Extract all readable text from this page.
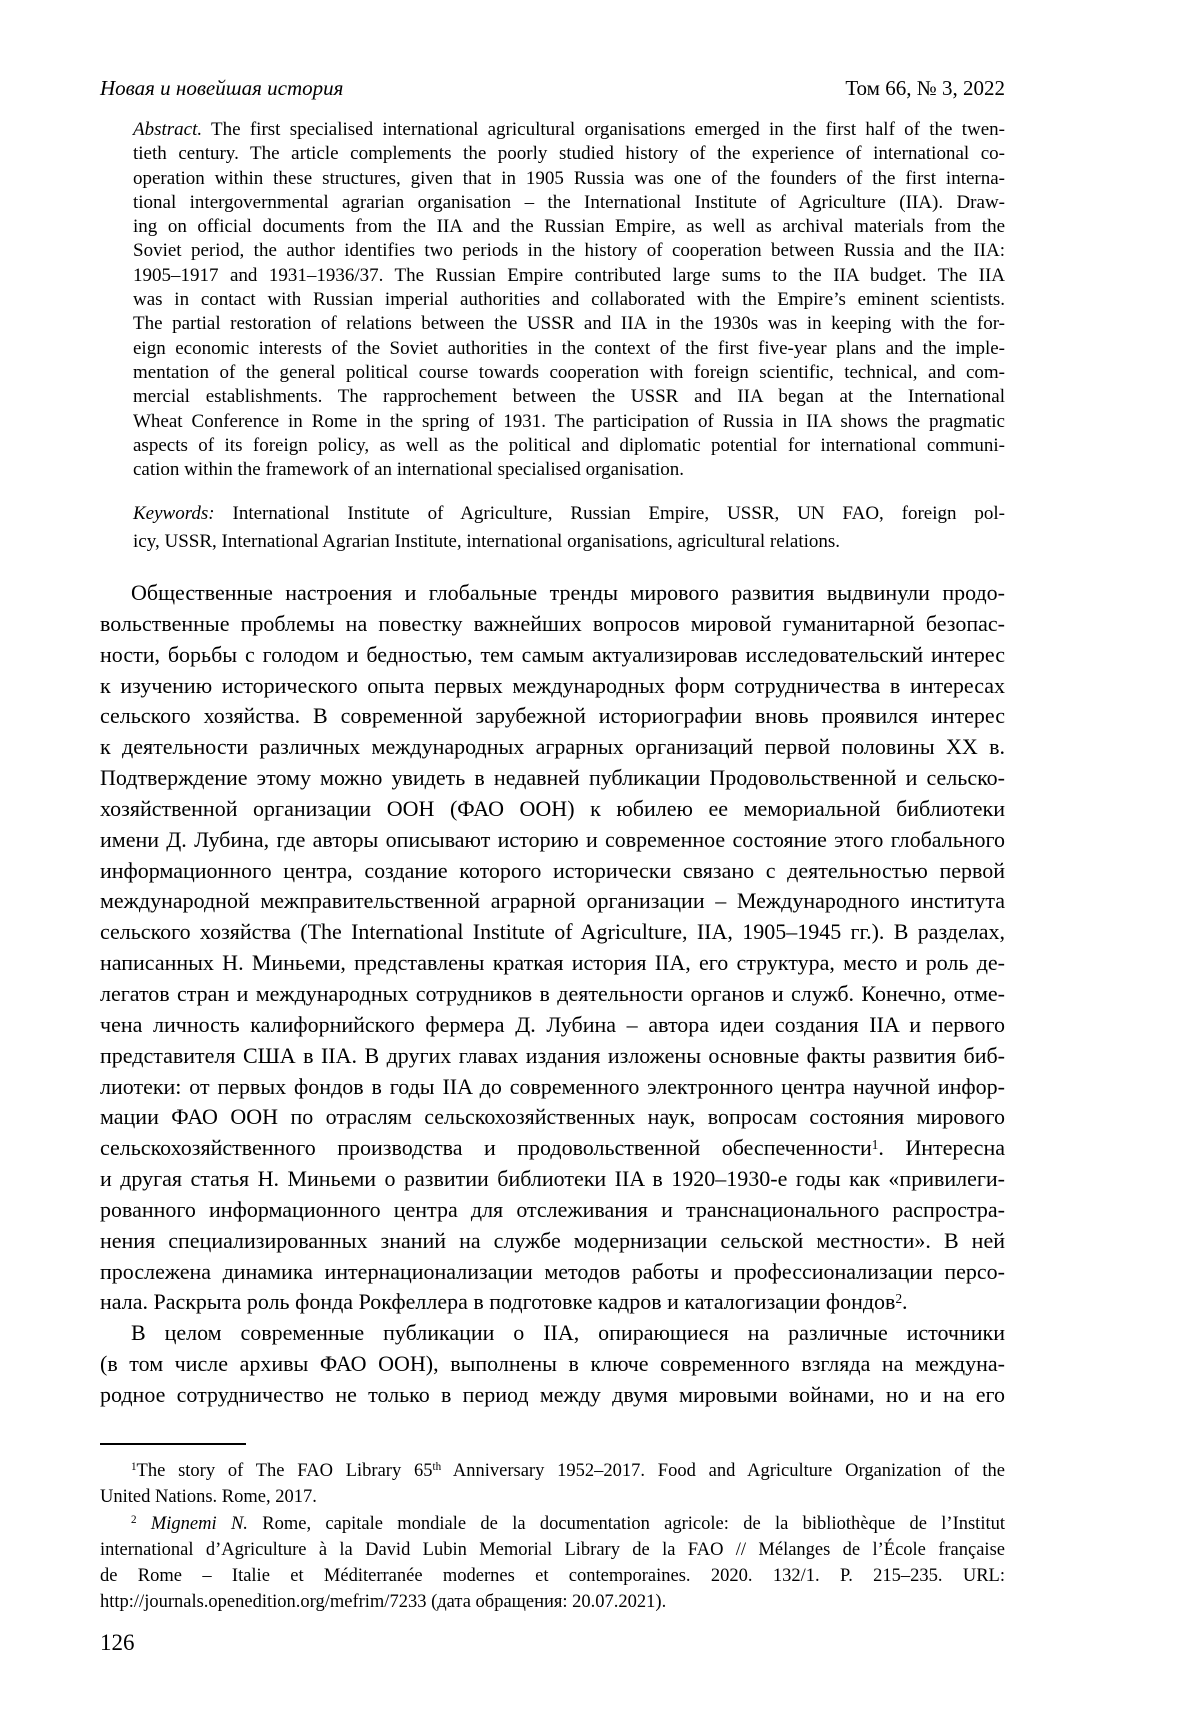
Новая и новейшая история	Том 66, № 3, 2022
Abstract. The first specialised international agricultural organisations emerged in the first half of the twen-
tieth century. The article complements the poorly studied history of the experience of international co-
operation within these structures, given that in 1905 Russia was one of the founders of the first interna-
tional intergovernmental agrarian organisation – the International Institute of Agriculture (IIA). Draw-
ing on official documents from the IIA and the Russian Empire, as well as archival materials from the
Soviet period, the author identifies two periods in the history of cooperation between Russia and the IIA:
1905–1917 and 1931–1936/37. The Russian Empire contributed large sums to the IIA budget. The IIA
was in contact with Russian imperial authorities and collaborated with the Empire’s eminent scientists.
The partial restoration of relations between the USSR and IIA in the 1930s was in keeping with the for-
eign economic interests of the Soviet authorities in the context of the first five-year plans and the imple-
mentation of the general political course towards cooperation with foreign scientific, technical, and com-
mercial establishments. The rapprochement between the USSR and IIA began at the International
Wheat Conference in Rome in the spring of 1931. The participation of Russia in IIA shows the pragmatic
aspects of its foreign policy, as well as the political and diplomatic potential for international communi-
cation within the framework of an international specialised organisation.
Keywords: International Institute of Agriculture, Russian Empire, USSR, UN FAO, foreign pol-
icy, USSR, International Agrarian Institute, international organisations, agricultural relations.
Общественные настроения и глобальные тренды мирового развития выдвинули продо-
вольственные проблемы на повестку важнейших вопросов мировой гуманитарной безопас-
ности, борьбы с голодом и бедностью, тем самым актуализировав исследовательский интерес
к изучению исторического опыта первых международных форм сотрудничества в интересах
сельского хозяйства. В современной зарубежной историографии вновь проявился интерес
к деятельности различных международных аграрных организаций первой половины XX в.
Подтверждение этому можно увидеть в недавней публикации Продовольственной и сельско-
хозяйственной организации ООН (ФАО ООН) к юбилею ее мемориальной библиотеки
имени Д. Лубина, где авторы описывают историю и современное состояние этого глобального
информационного центра, создание которого исторически связано с деятельностью первой
международной межправительственной аграрной организации – Международного института
сельского хозяйства (The International Institute of Agriculture, IIA, 1905–1945 гг.). В разделах,
написанных Н. Миньеми, представлены краткая история IIA, его структура, место и роль де-
легатов стран и международных сотрудников в деятельности органов и служб. Конечно, отме-
чена личность калифорнийского фермера Д. Лубина – автора идеи создания IIA и первого
представителя США в IIA. В других главах издания изложены основные факты развития биб-
лиотеки: от первых фондов в годы IIA до современного электронного центра научной инфор-
мации ФАО ООН по отраслям сельскохозяйственных наук, вопросам состояния мирового
сельскохозяйственного производства и продовольственной обеспеченности$^1$. Интересна
и другая статья Н. Миньеми о развитии библиотеки IIA в 1920–1930-е годы как «привилеги-
рованного информационного центра для отслеживания и транснационального распростра-
нения специализированных знаний на службе модернизации сельской местности». В ней
прослежена динамика интернационализации методов работы и профессионализации персо-
нала. Раскрыта роль фонда Рокфеллера в подготовке кадров и каталогизации фондов$^2$.
В целом современные публикации о IIA, опирающиеся на различные источники
(в том числе архивы ФАО ООН), выполнены в ключе современного взгляда на междуна-
родное сотрудничество не только в период между двумя мировыми войнами, но и на его
$^1$The story of The FAO Library 65th Anniversary 1952–2017. Food and Agriculture Organization of the
United Nations. Rome, 2017.
$^2$ Mignemi N. Rome, capitale mondiale de la documentation agricole: de la bibliothèque de l’Institut
international d’Agriculture à la David Lubin Memorial Library de la FAO // Mélanges de l’École française
de Rome – Italie et Méditerranée modernes et contemporaines. 2020. 132/1. P. 215–235. URL:
http://journals.openedition.org/mefrim/7233 (дата обращения: 20.07.2021).
126
